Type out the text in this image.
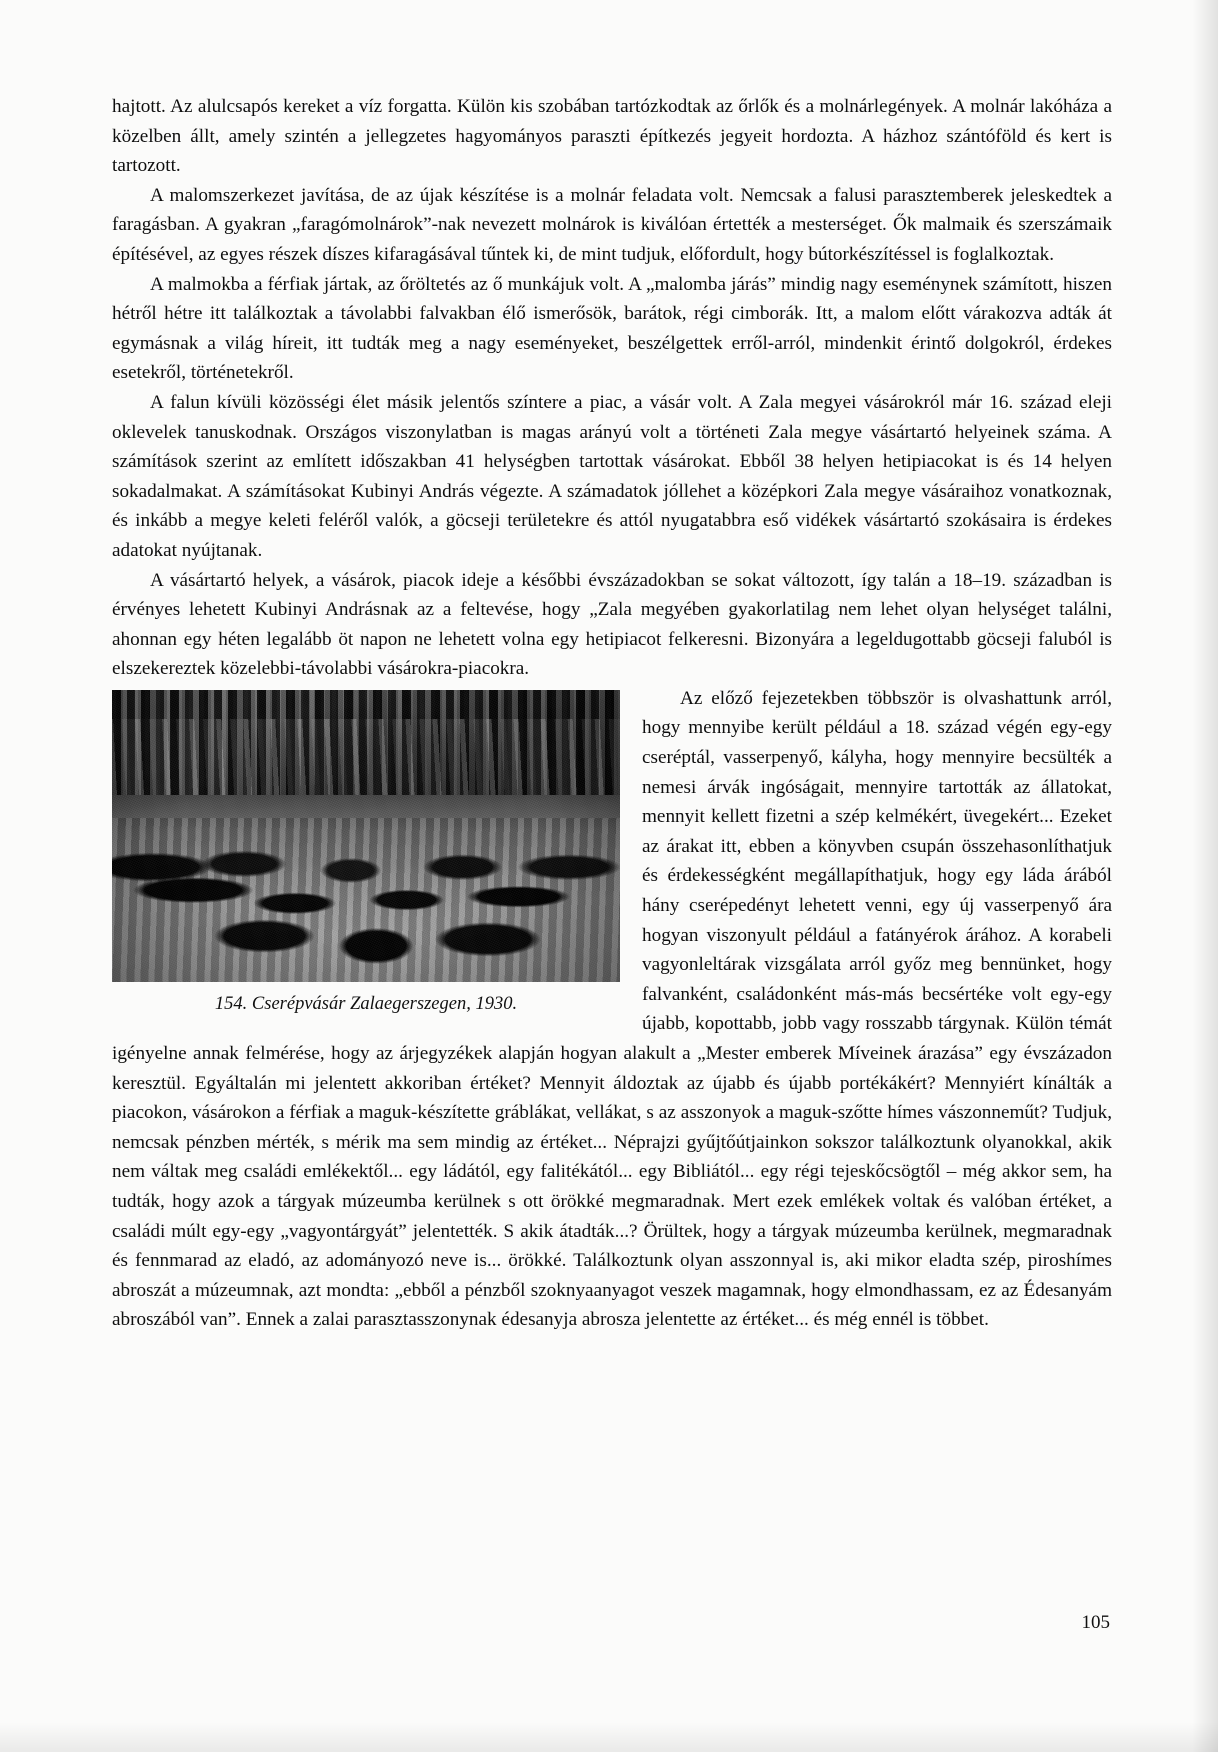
hajtott. Az alulcsapós kereket a víz forgatta. Külön kis szobában tartózkodtak az őrlők és a molnárlegények. A molnár lakóháza a közelben állt, amely szintén a jellegzetes hagyományos paraszti építkezés jegyeit hordozta. A házhoz szántóföld és kert is tartozott.

A malomszerkezet javítása, de az újak készítése is a molnár feladata volt. Nemcsak a falusi parasztemberek jeleskedtek a faragásban. A gyakran „faragómolnárok”-nak nevezett molnárok is kiválóan értették a mesterséget. Ők malmaik és szerszámaik építésével, az egyes részek díszes kifaragásával tűntek ki, de mint tudjuk, előfordult, hogy bútorkészítéssel is foglalkoztak.

A malmokba a férfiak jártak, az őröltetés az ő munkájuk volt. A „malomba járás” mindig nagy eseménynek számított, hiszen hétről hétre itt találkoztak a távolabbi falvakban élő ismerősök, barátok, régi cimborák. Itt, a malom előtt várakozva adták át egymásnak a világ híreit, itt tudták meg a nagy eseményeket, beszélgettek erről-arról, mindenkit érintő dolgokról, érdekes esetekről, történetekről.

A falun kívüli közösségi élet másik jelentős színtere a piac, a vásár volt. A Zala megyei vásárokról már 16. század eleji oklevelek tanuskodnak. Országos viszonylatban is magas arányú volt a történeti Zala megye vásártartó helyeinek száma. A számítások szerint az említett időszakban 41 helységben tartottak vásárokat. Ebből 38 helyen hetipiacokat is és 14 helyen sokadalmakat. A számításokat Kubinyi András végezte. A számadatok jóllehet a középkori Zala megye vásáraihoz vonatkoznak, és inkább a megye keleti feléről valók, a göcseji területekre és attól nyugatabbra eső vidékek vásártartó szokásaira is érdekes adatokat nyújtanak.

A vásártartó helyek, a vásárok, piacok ideje a későbbi évszázadokban se sokat változott, így talán a 18–19. században is érvényes lehetett Kubinyi Andrásnak az a feltevése, hogy „Zala megyében gyakorlatilag nem lehet olyan helységet találni, ahonnan egy héten legalább öt napon ne lehetett volna egy hetipiacot felkeresni. Bizonyára a legeldugottabb göcseji faluból is elszekereztek közelebbi-távolabbi vásárokra-piacokra.

154. Cserépvásár Zalaegerszegen, 1930.

Az előző fejezetekben többször is olvashattunk arról, hogy mennyibe került például a 18. század végén egy-egy cseréptál, vasserpenyő, kályha, hogy mennyire becsülték a nemesi árvák ingóságait, mennyire tartották az állatokat, mennyit kellett fizetni a szép kelmékért, üvegekért... Ezeket az árakat itt, ebben a könyvben csupán összehasonlíthatjuk és érdekességként megállapíthatjuk, hogy egy láda árából hány cserépedényt lehetett venni, egy új vasserpenyő ára hogyan viszonyult például a fatányérok árához. A korabeli vagyonleltárak vizsgálata arról győz meg bennünket, hogy falvanként, családonként más-más becsértéke volt egy-egy újabb, kopottabb, jobb vagy rosszabb tárgynak. Külön témát igényelne annak felmérése, hogy az árjegyzékek alapján hogyan alakult a „Mester emberek Míveinek árazása” egy évszázadon keresztül. Egyáltalán mi jelentett akkoriban értéket? Mennyit áldoztak az újabb és újabb portékákért? Mennyiért kínálták a piacokon, vásárokon a férfiak a maguk-készítette gráblákat, vellákat, s az asszonyok a maguk-szőtte hímes vászonneműt? Tudjuk, nemcsak pénzben mérték, s mérik ma sem mindig az értéket... Néprajzi gyűjtőútjainkon sokszor találkoztunk olyanokkal, akik nem váltak meg családi emlékektől... egy ládától, egy falitékától... egy Bibliától... egy régi tejeskőcsögtől – még akkor sem, ha tudták, hogy azok a tárgyak múzeumba kerülnek s ott örökké megmaradnak. Mert ezek emlékek voltak és valóban értéket, a családi múlt egy-egy „vagyontárgyát” jelentették. S akik átadták...? Örültek, hogy a tárgyak múzeumba kerülnek, megmaradnak és fennmarad az eladó, az adományozó neve is... örökké. Találkoztunk olyan asszonnyal is, aki mikor eladta szép, piroshímes abroszát a múzeumnak, azt mondta: „ebből a pénzből szoknyaanyagot veszek magamnak, hogy elmondhassam, ez az Édesanyám abroszából van”. Ennek a zalai parasztasszonynak édesanyja abrosza jelentette az értéket... és még ennél is többet.

105
